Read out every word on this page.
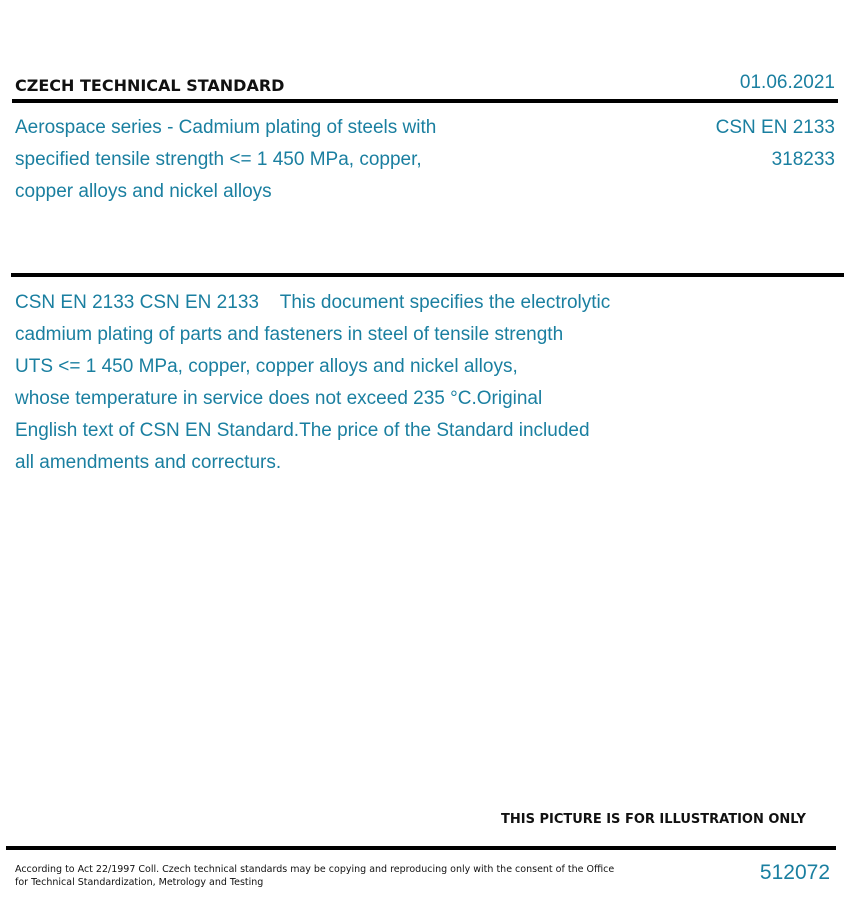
CZECH TECHNICAL STANDARD	01.06.2021
Aerospace series - Cadmium plating of steels with
specified tensile strength <= 1 450 MPa, copper,
copper alloys and nickel alloys
CSN EN 2133
318233
CSN EN 2133 CSN EN 2133    This document specifies the electrolytic
cadmium plating of parts and fasteners in steel of tensile strength
UTS <= 1 450 MPa, copper, copper alloys and nickel alloys,
whose temperature in service does not exceed 235 °C.Original
English text of CSN EN Standard.The price of the Standard included
all amendments and correcturs.
THIS PICTURE IS FOR ILLUSTRATION ONLY
According to Act 22/1997 Coll. Czech technical standards may be copying and reproducing only with the consent of the Office
for Technical Standardization, Metrology and Testing	512072
